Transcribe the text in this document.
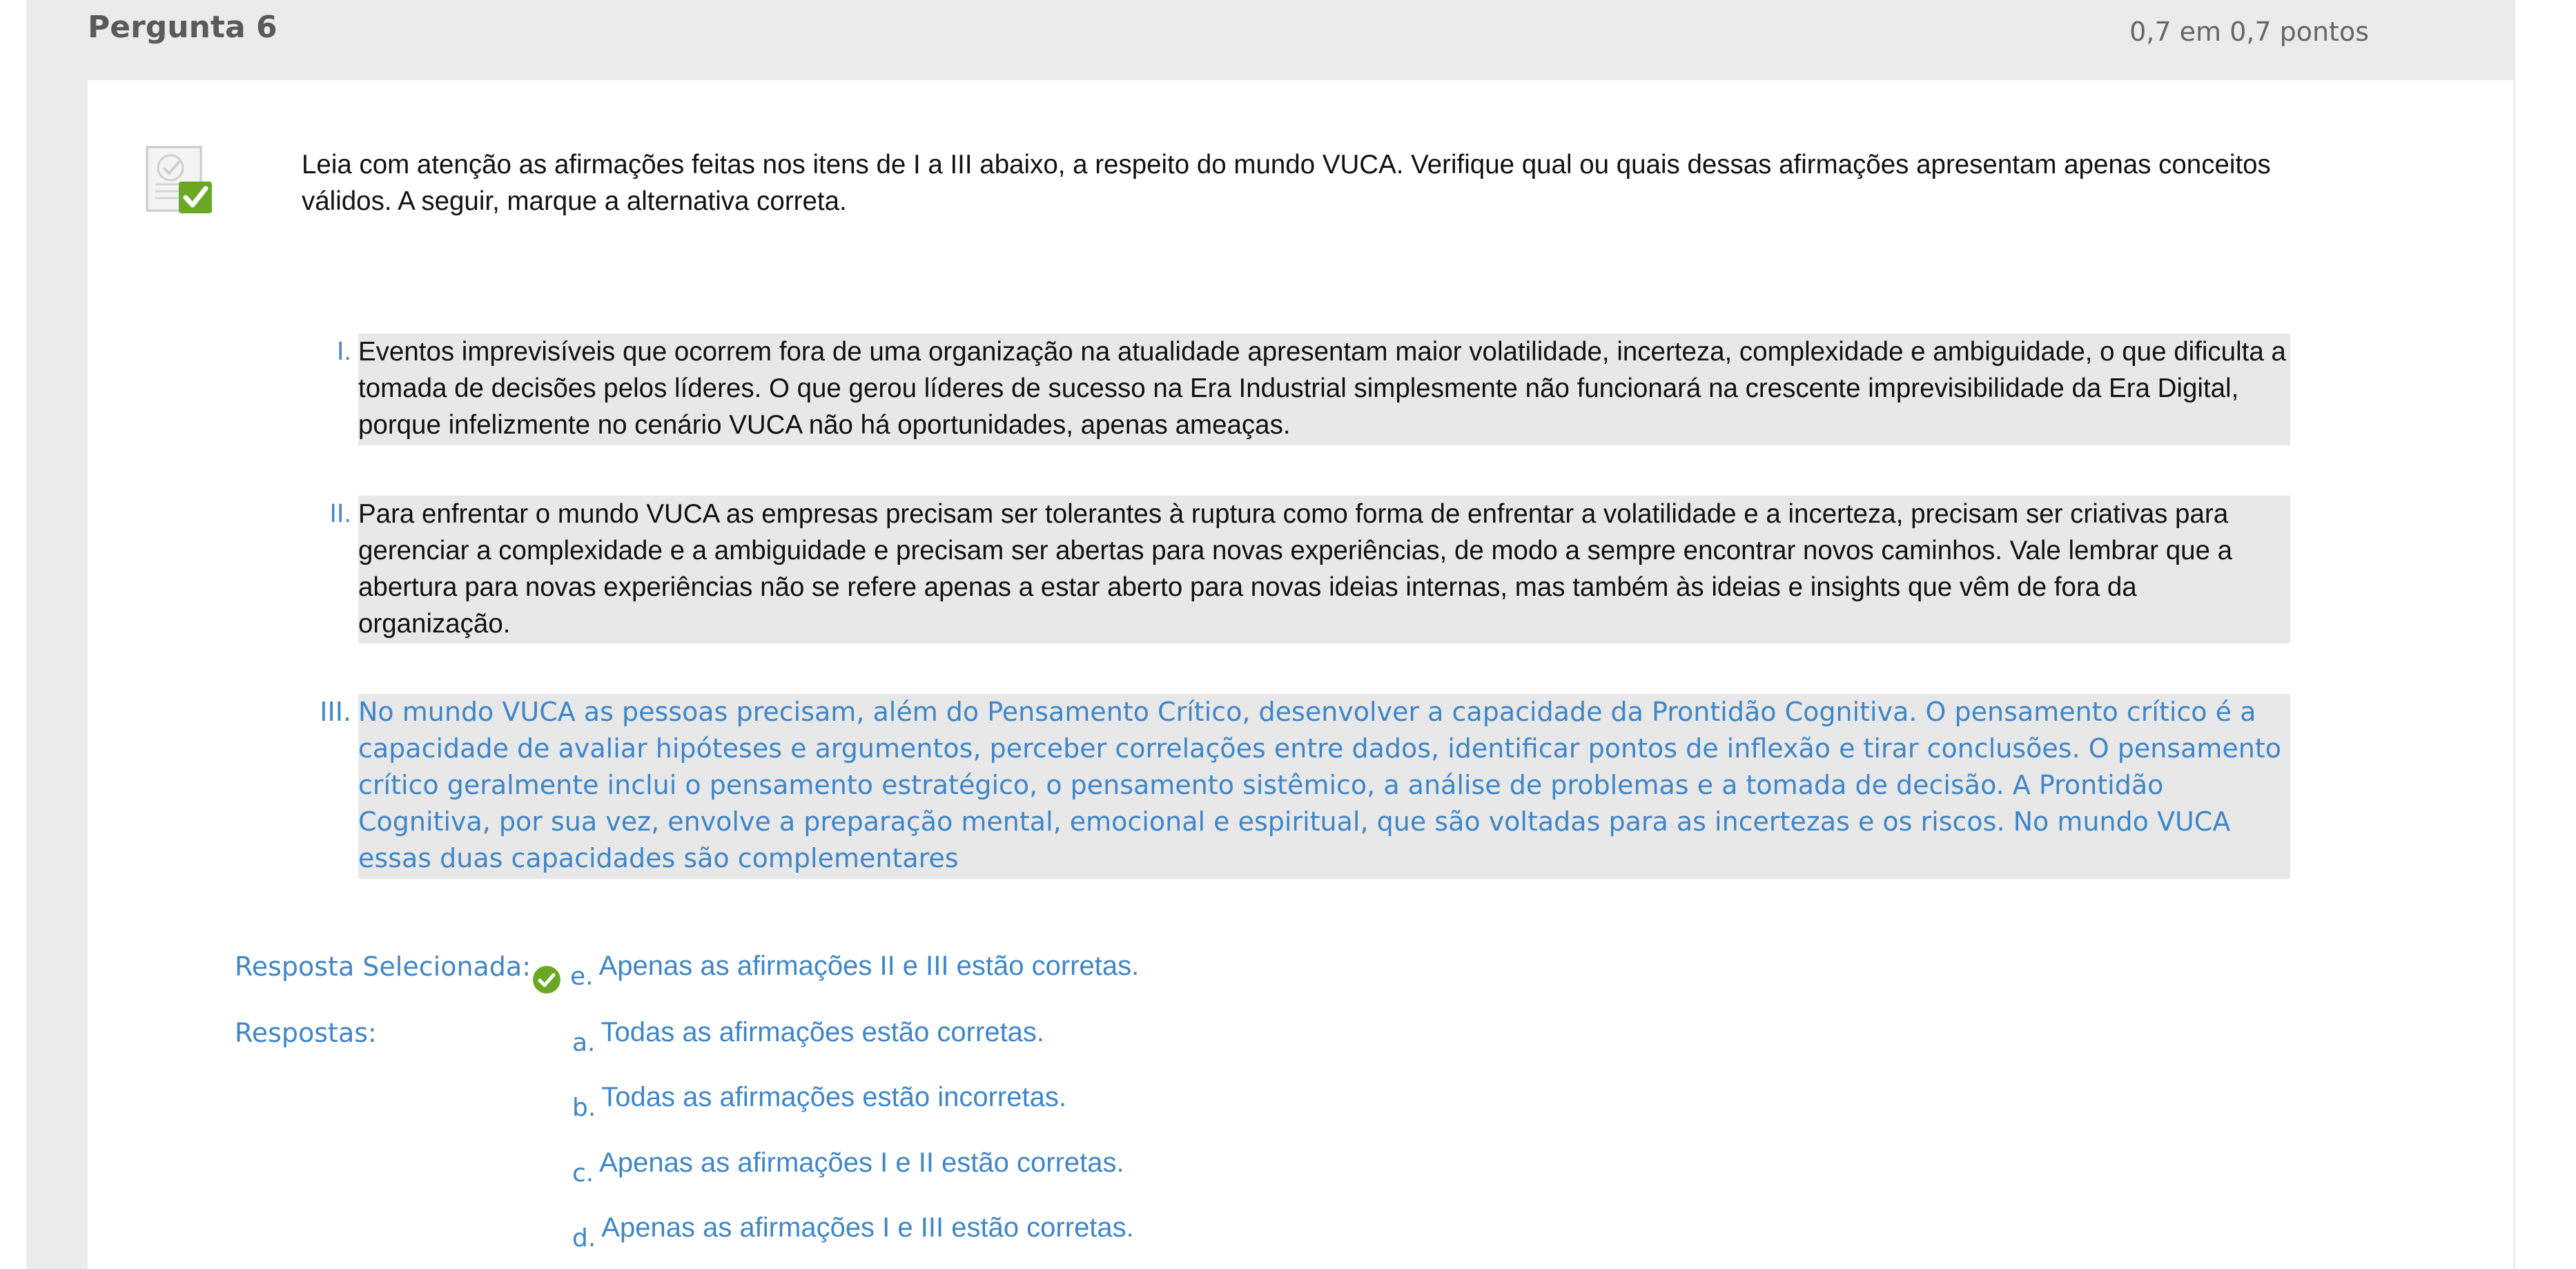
Pergunta 6	0,7 em 0,7 pontos
Leia com atenção as afirmações feitas nos itens de I a III abaixo, a respeito do mundo VUCA. Verifique qual ou quais dessas afirmações apresentam apenas conceitos válidos. A seguir, marque a alternativa correta.
I. Eventos imprevisíveis que ocorrem fora de uma organização na atualidade apresentam maior volatilidade, incerteza, complexidade e ambiguidade, o que dificulta a tomada de decisões pelos líderes. O que gerou líderes de sucesso na Era Industrial simplesmente não funcionará na crescente imprevisibilidade da Era Digital, porque infelizmente no cenário VUCA não há oportunidades, apenas ameaças.
II. Para enfrentar o mundo VUCA as empresas precisam ser tolerantes à ruptura como forma de enfrentar a volatilidade e a incerteza, precisam ser criativas para gerenciar a complexidade e a ambiguidade e precisam ser abertas para novas experiências, de modo a sempre encontrar novos caminhos. Vale lembrar que a abertura para novas experiências não se refere apenas a estar aberto para novas ideias internas, mas também às ideias e insights que vêm de fora da organização.
III. No mundo VUCA as pessoas precisam, além do Pensamento Crítico, desenvolver a capacidade da Prontidão Cognitiva. O pensamento crítico é a capacidade de avaliar hipóteses e argumentos, perceber correlações entre dados, identificar pontos de inflexão e tirar conclusões. O pensamento crítico geralmente inclui o pensamento estratégico, o pensamento sistêmico, a análise de problemas e a tomada de decisão. A Prontidão Cognitiva, por sua vez, envolve a preparação mental, emocional e espiritual, que são voltadas para as incertezas e os riscos. No mundo VUCA essas duas capacidades são complementares
Resposta Selecionada: e. Apenas as afirmações II e III estão corretas.
Respostas:	a. Todas as afirmações estão corretas.
b. Todas as afirmações estão incorretas.
c. Apenas as afirmações I e II estão corretas.
d. Apenas as afirmações I e III estão corretas.
